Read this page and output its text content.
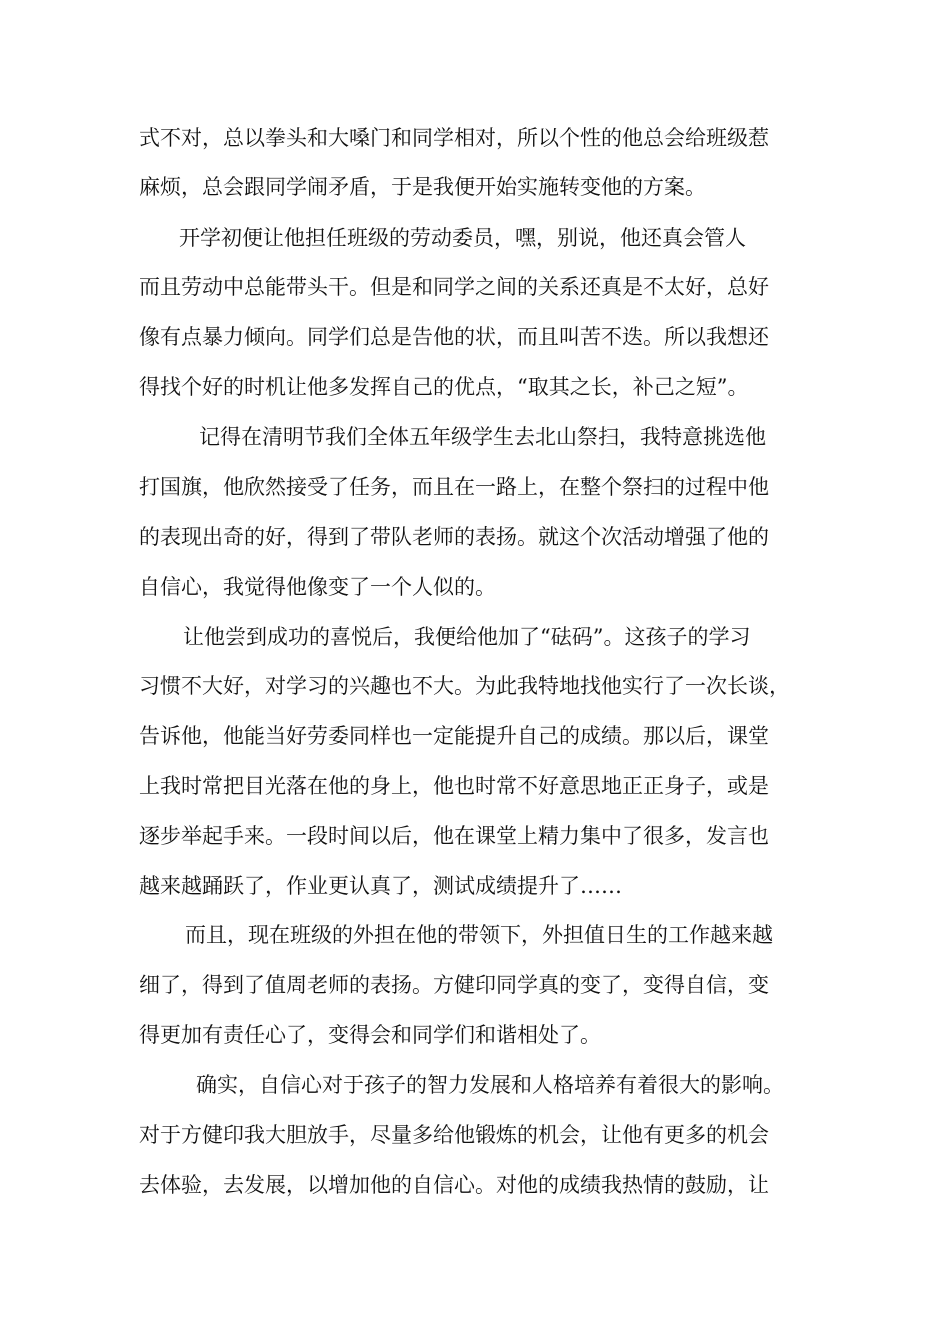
式不对，总以拳头和大嗓门和同学相对，所以个性的他总会给班级惹
麻烦，总会跟同学闹矛盾，于是我便开始实施转变他的方案。
开学初便让他担任班级的劳动委员，嘿，别说，他还真会管人
而且劳动中总能带头干。但是和同学之间的关系还真是不太好，总好
像有点暴力倾向。同学们总是告他的状，而且叫苦不迭。所以我想还
得找个好的时机让他多发挥自己的优点，“取其之长，补己之短”。
记得在清明节我们全体五年级学生去北山祭扫，我特意挑选他
打国旗，他欣然接受了任务，而且在一路上，在整个祭扫的过程中他
的表现出奇的好，得到了带队老师的表扬。就这个次活动增强了他的
自信心，我觉得他像变了一个人似的。
让他尝到成功的喜悦后，我便给他加了“砝码”。这孩子的学习
习惯不大好，对学习的兴趣也不大。为此我特地找他实行了一次长谈，
告诉他，他能当好劳委同样也一定能提升自己的成绩。那以后，课堂
上我时常把目光落在他的身上，他也时常不好意思地正正身子，或是
逐步举起手来。一段时间以后，他在课堂上精力集中了很多，发言也
越来越踊跃了，作业更认真了，测试成绩提升了……
而且，现在班级的外担在他的带领下，外担值日生的工作越来越
细了，得到了值周老师的表扬。方健印同学真的变了，变得自信，变
得更加有责任心了，变得会和同学们和谐相处了。
确实，自信心对于孩子的智力发展和人格培养有着很大的影响。
对于方健印我大胆放手，尽量多给他锻炼的机会，让他有更多的机会
去体验，去发展，以增加他的自信心。对他的成绩我热情的鼓励，让
